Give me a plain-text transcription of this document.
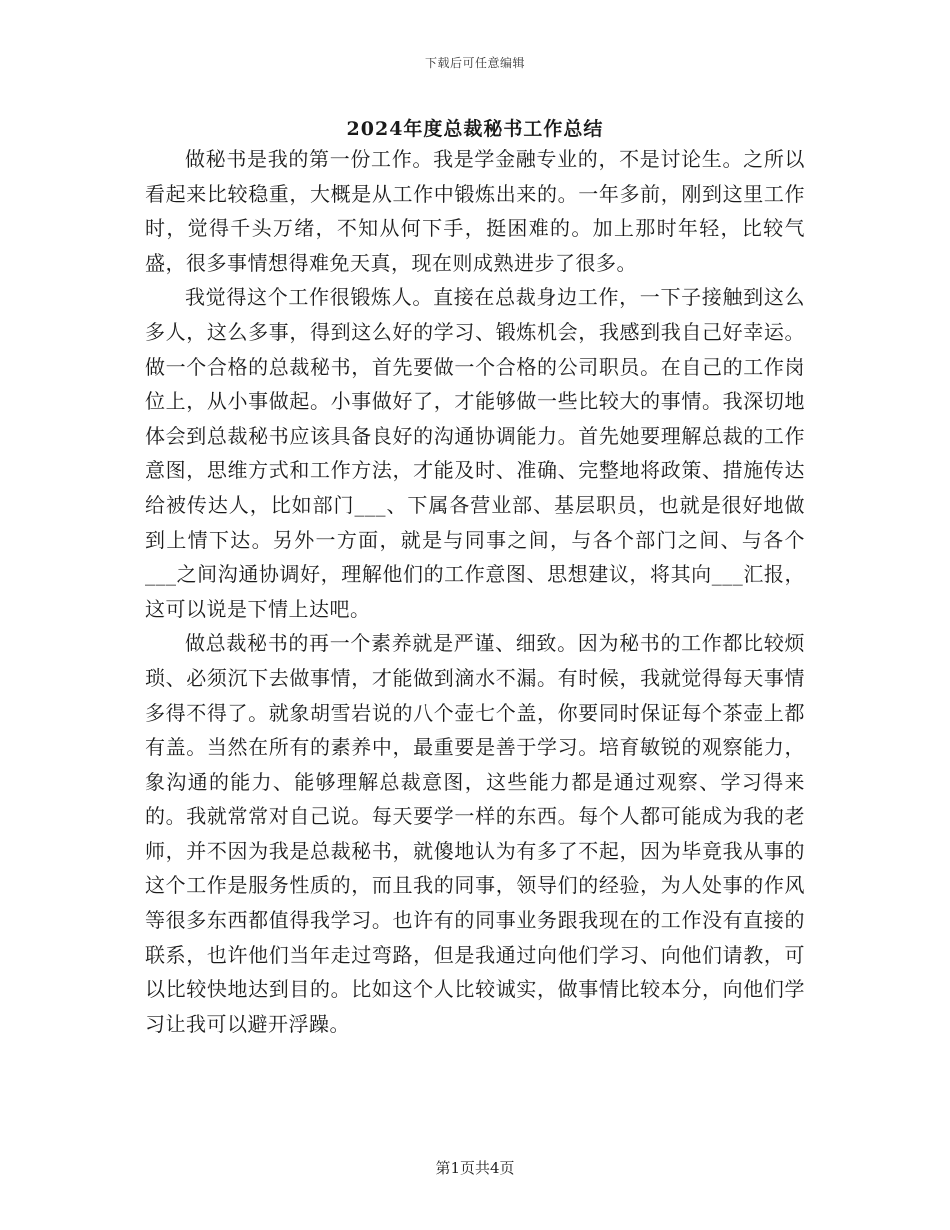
下载后可任意编辑
2024年度总裁秘书工作总结

做秘书是我的第一份工作。我是学金融专业的，不是讨论生。之所以看起来比较稳重，大概是从工作中锻炼出来的。一年多前，刚到这里工作时，觉得千头万绪，不知从何下手，挺困难的。加上那时年轻，比较气盛，很多事情想得难免天真，现在则成熟进步了很多。

我觉得这个工作很锻炼人。直接在总裁身边工作，一下子接触到这么多人，这么多事，得到这么好的学习、锻炼机会，我感到我自己好幸运。做一个合格的总裁秘书，首先要做一个合格的公司职员。在自己的工作岗位上，从小事做起。小事做好了，才能够做一些比较大的事情。我深切地体会到总裁秘书应该具备良好的沟通协调能力。首先她要理解总裁的工作意图，思维方式和工作方法，才能及时、准确、完整地将政策、措施传达给被传达人，比如部门___、下属各营业部、基层职员，也就是很好地做到上情下达。另外一方面，就是与同事之间，与各个部门之间、与各个___之间沟通协调好，理解他们的工作意图、思想建议，将其向___汇报，这可以说是下情上达吧。

做总裁秘书的再一个素养就是严谨、细致。因为秘书的工作都比较烦琐、必须沉下去做事情，才能做到滴水不漏。有时候，我就觉得每天事情多得不得了。就象胡雪岩说的八个壶七个盖，你要同时保证每个茶壶上都有盖。当然在所有的素养中，最重要是善于学习。培育敏锐的观察能力，象沟通的能力、能够理解总裁意图，这些能力都是通过观察、学习得来的。我就常常对自己说。每天要学一样的东西。每个人都可能成为我的老师，并不因为我是总裁秘书，就傻地认为有多了不起，因为毕竟我从事的这个工作是服务性质的，而且我的同事，领导们的经验，为人处事的作风等很多东西都值得我学习。也许有的同事业务跟我现在的工作没有直接的联系，也许他们当年走过弯路，但是我通过向他们学习、向他们请教，可以比较快地达到目的。比如这个人比较诚实，做事情比较本分，向他们学习让我可以避开浮躁。

第1页共4页
